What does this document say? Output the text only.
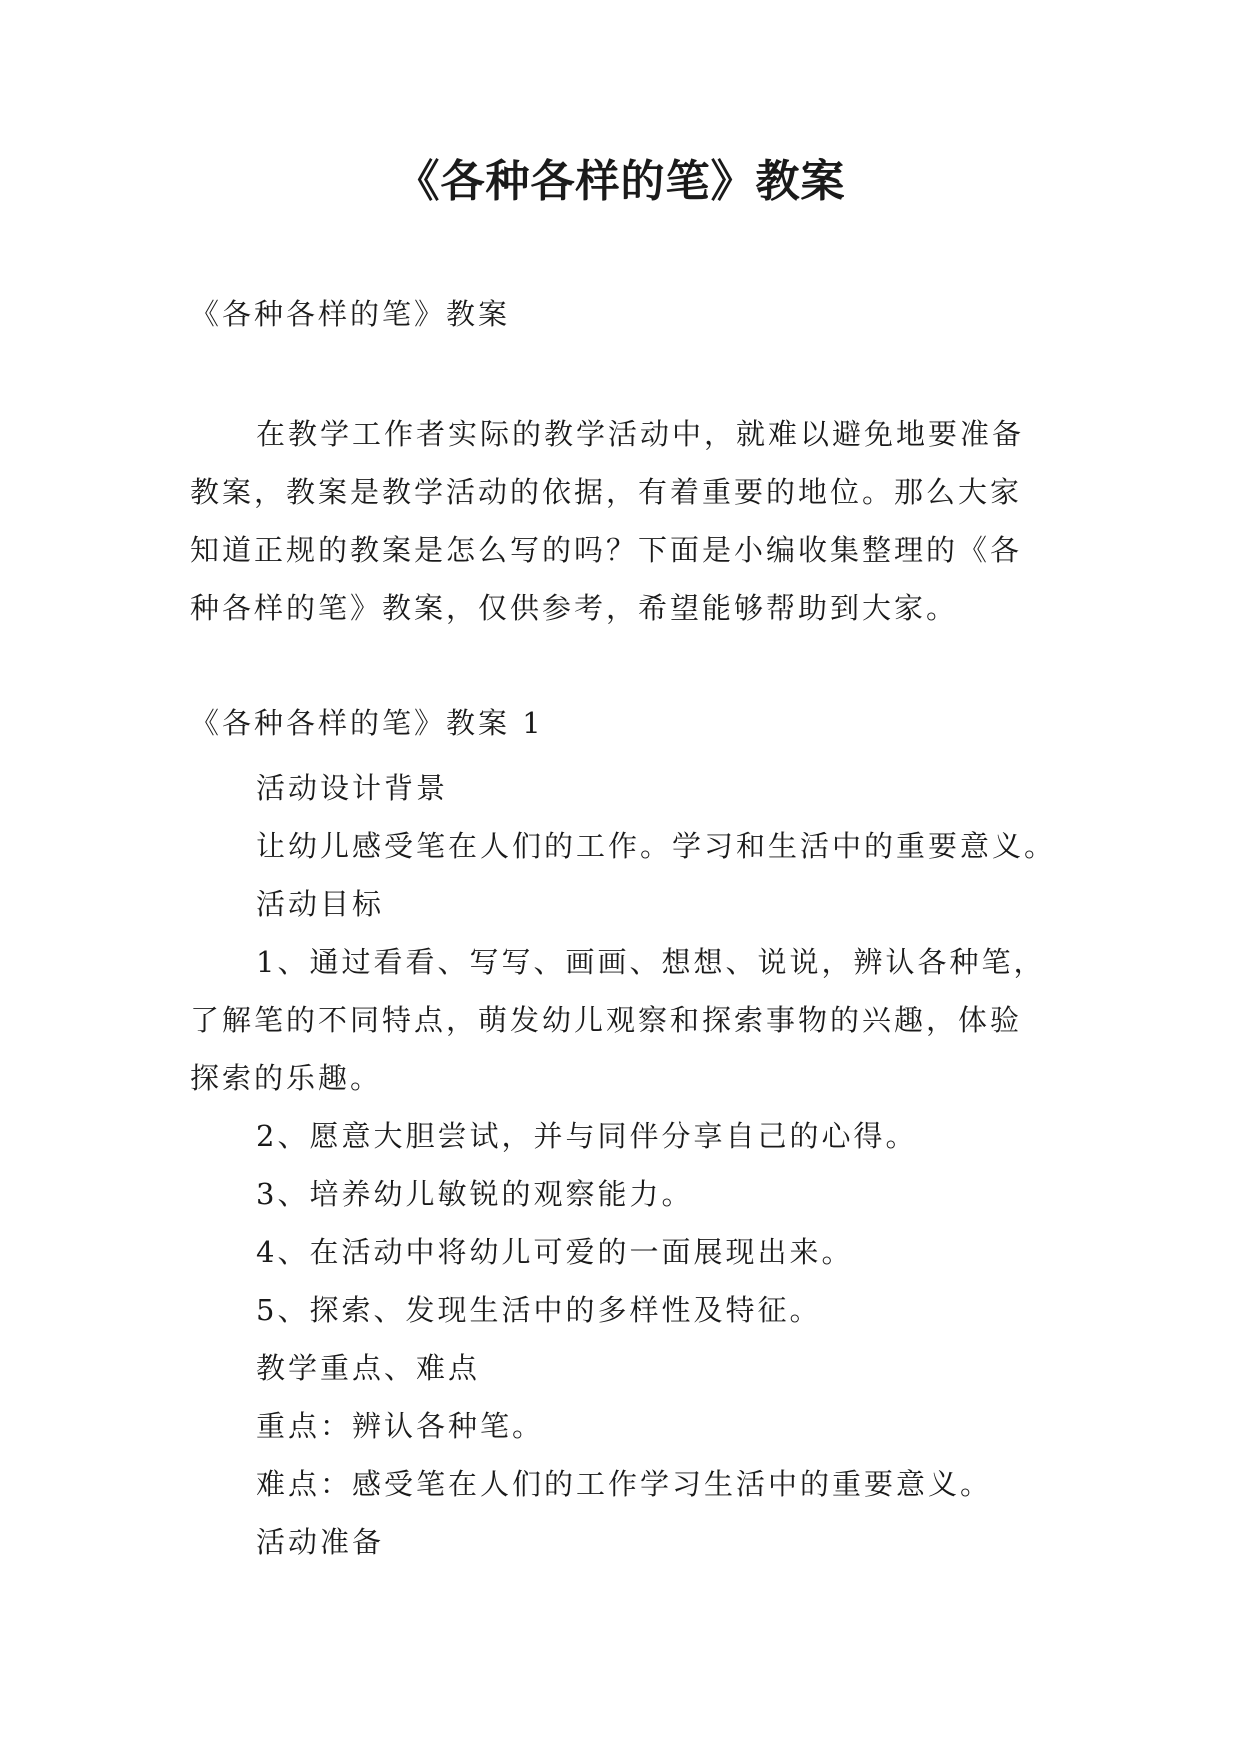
《各种各样的笔》教案

《各种各样的笔》教案

在教学工作者实际的教学活动中，就难以避免地要准备
教案，教案是教学活动的依据，有着重要的地位。那么大家
知道正规的教案是怎么写的吗？下面是小编收集整理的《各
种各样的笔》教案，仅供参考，希望能够帮助到大家。

《各种各样的笔》教案 1

活动设计背景

让幼儿感受笔在人们的工作。学习和生活中的重要意义。

活动目标

1、通过看看、写写、画画、想想、说说，辨认各种笔，

了解笔的不同特点，萌发幼儿观察和探索事物的兴趣，体验

探索的乐趣。

2、愿意大胆尝试，并与同伴分享自己的心得。

3、培养幼儿敏锐的观察能力。

4、在活动中将幼儿可爱的一面展现出来。

5、探索、发现生活中的多样性及特征。

教学重点、难点

重点：辨认各种笔。

难点：感受笔在人们的工作学习生活中的重要意义。

活动准备
